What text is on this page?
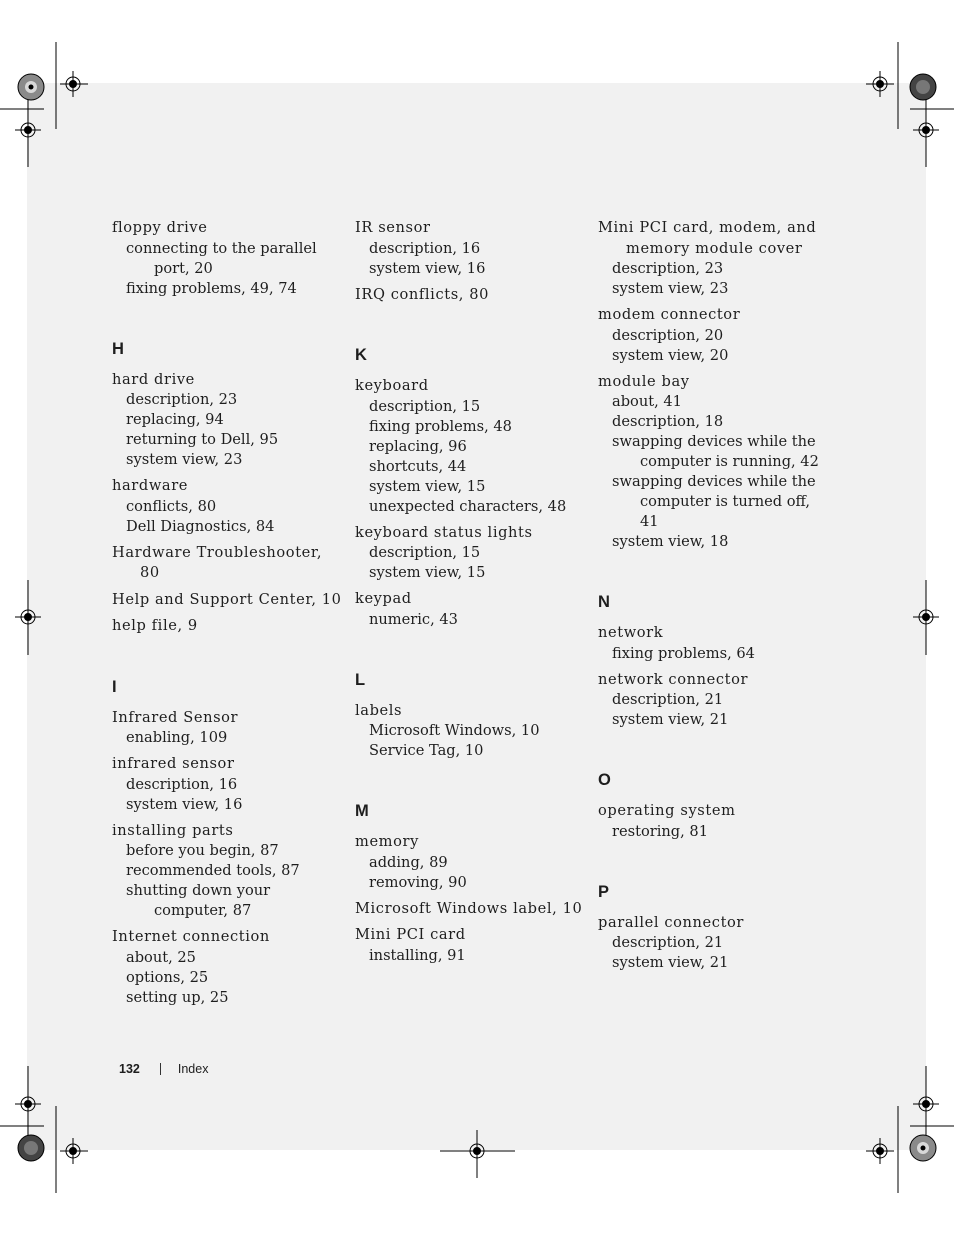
floppy drive
connecting to the parallel port, 20
fixing problems, 49, 74
H
hard drive
description, 23
replacing, 94
returning to Dell, 95
system view, 23
hardware
conflicts, 80
Dell Diagnostics, 84
Hardware Troubleshooter, 80
Help and Support Center, 10
help file, 9
I
Infrared Sensor
enabling, 109
infrared sensor
description, 16
system view, 16
installing parts
before you begin, 87
recommended tools, 87
shutting down your computer, 87
Internet connection
about, 25
options, 25
setting up, 25
IR sensor
description, 16
system view, 16
IRQ conflicts, 80
K
keyboard
description, 15
fixing problems, 48
replacing, 96
shortcuts, 44
system view, 15
unexpected characters, 48
keyboard status lights
description, 15
system view, 15
keypad
numeric, 43
L
labels
Microsoft Windows, 10
Service Tag, 10
M
memory
adding, 89
removing, 90
Microsoft Windows label, 10
Mini PCI card
installing, 91
Mini PCI card, modem, and memory module cover
description, 23
system view, 23
modem connector
description, 20
system view, 20
module bay
about, 41
description, 18
swapping devices while the computer is running, 42
swapping devices while the computer is turned off, 41
system view, 18
N
network
fixing problems, 64
network connector
description, 21
system view, 21
O
operating system
restoring, 81
P
parallel connector
description, 21
system view, 21
132	Index
